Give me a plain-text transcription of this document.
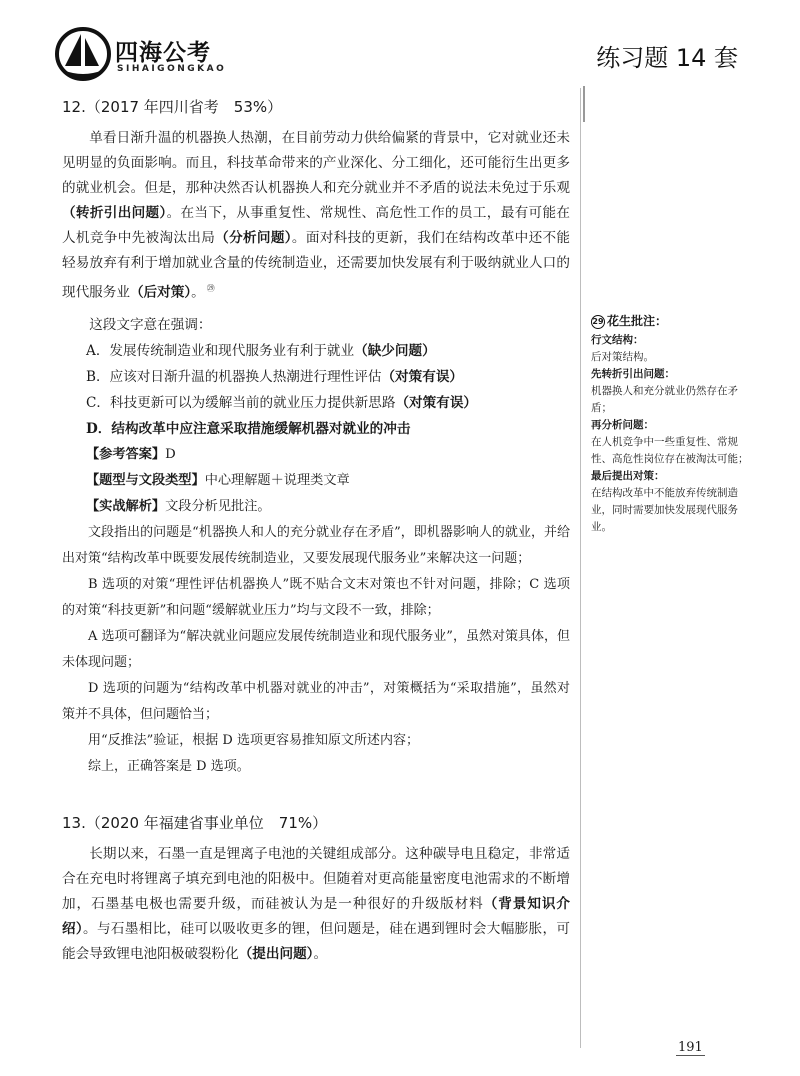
四海公考
SIHAIGONGKAO	练习题 14 套

12.（2017 年四川省考　53%）

单看日渐升温的机器换人热潮，在目前劳动力供给偏紧的背景中，它对就业还未见明显的负面影响。而且，科技革命带来的产业深化、分工细化，还可能衍生出更多的就业机会。但是，那种决然否认机器换人和充分就业并不矛盾的说法未免过于乐观（转折引出问题）。在当下，从事重复性、常规性、高危性工作的员工，最有可能在人机竞争中先被淘汰出局（分析问题）。面对科技的更新，我们在结构改革中还不能轻易放弃有利于增加就业含量的传统制造业，还需要加快发展有利于吸纳就业人口的现代服务业（后对策）。 $^㉙$

这段文字意在强调：

A．发展传统制造业和现代服务业有利于就业（缺少问题）

B．应该对日渐升温的机器换人热潮进行理性评估（对策有误）

C．科技更新可以为缓解当前的就业压力提供新思路（对策有误）

D．结构改革中应注意采取措施缓解机器对就业的冲击

【参考答案】D

【题型与文段类型】中心理解题＋说理类文章

【实战解析】文段分析见批注。

文段指出的问题是“机器换人和人的充分就业存在矛盾”，即机器影响人的就业，并给出对策“结构改革中既要发展传统制造业，又要发展现代服务业”来解决这一问题；

B 选项的对策“理性评估机器换人”既不贴合文末对策也不针对问题，排除；C 选项的对策“科技更新”和问题“缓解就业压力”均与文段不一致，排除；

A 选项可翻译为“解决就业问题应发展传统制造业和现代服务业”，虽然对策具体，但未体现问题；

D 选项的问题为“结构改革中机器对就业的冲击”，对策概括为“采取措施”，虽然对策并不具体，但问题恰当；

用“反推法”验证，根据 D 选项更容易推知原文所述内容；

综上，正确答案是 D 选项。

13.（2020 年福建省事业单位　71%）

长期以来，石墨一直是锂离子电池的关键组成部分。这种碳导电且稳定，非常适合在充电时将锂离子填充到电池的阳极中。但随着对更高能量密度电池需求的不断增加，石墨基电极也需要升级，而硅被认为是一种很好的升级版材料（背景知识介绍）。与石墨相比，硅可以吸收更多的锂，但问题是，硅在遇到锂时会大幅膨胀，可能会导致锂电池阳极破裂粉化（提出问题）。

29 花生批注：

行文结构：

后对策结构。

先转折引出问题：

机器换人和充分就业仍然存在矛盾；

再分析问题：

在人机竞争中一些重复性、常规性、高危性岗位存在被淘汰可能；

最后提出对策：

在结构改革中不能放弃传统制造业，同时需要加快发展现代服务业。

191
